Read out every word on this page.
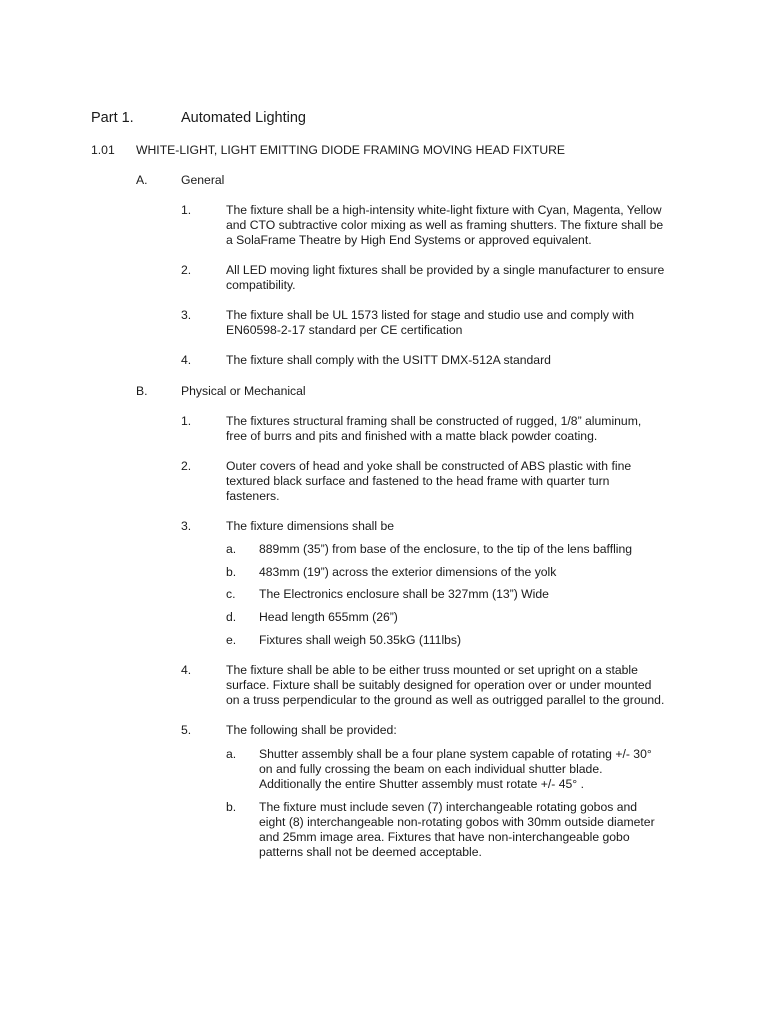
Part 1.	Automated Lighting
1.01 WHITE-LIGHT, LIGHT EMITTING DIODE FRAMING MOVING HEAD FIXTURE
A.	General
1.	The fixture shall be a high-intensity white-light fixture with Cyan, Magenta, Yellow
and CTO subtractive color mixing as well as framing shutters. The fixture shall be
a SolaFrame Theatre by High End Systems or approved equivalent.
2.	All LED moving light fixtures shall be provided by a single manufacturer to ensure
compatibility.
3.	The fixture shall be UL 1573 listed for stage and studio use and comply with
EN60598-2-17 standard per CE certification
4.	The fixture shall comply with the USITT DMX-512A standard
B.	Physical or Mechanical
1.	The fixtures structural framing shall be constructed of rugged, 1/8” aluminum,
free of burrs and pits and finished with a matte black powder coating.
2.	Outer covers of head and yoke shall be constructed of ABS plastic with fine
textured black surface and fastened to the head frame with quarter turn
fasteners.
3.	The fixture dimensions shall be
a. 889mm (35”) from base of the enclosure, to the tip of the lens baffling
b. 483mm (19”) across the exterior dimensions of the yolk
c. The Electronics enclosure shall be 327mm (13”) Wide
d. Head length 655mm (26”)
e. Fixtures shall weigh 50.35kG (111lbs)
4.	The fixture shall be able to be either truss mounted or set upright on a stable
surface. Fixture shall be suitably designed for operation over or under mounted
on a truss perpendicular to the ground as well as outrigged parallel to the ground.
5.	The following shall be provided:
a. Shutter assembly shall be a four plane system capable of rotating +/- 30°
on and fully crossing the beam on each individual shutter blade.
Additionally the entire Shutter assembly must rotate +/- 45° .
b. The fixture must include seven (7) interchangeable rotating gobos and
eight (8) interchangeable non-rotating gobos with 30mm outside diameter
and 25mm image area. Fixtures that have non-interchangeable gobo
patterns shall not be deemed acceptable.
